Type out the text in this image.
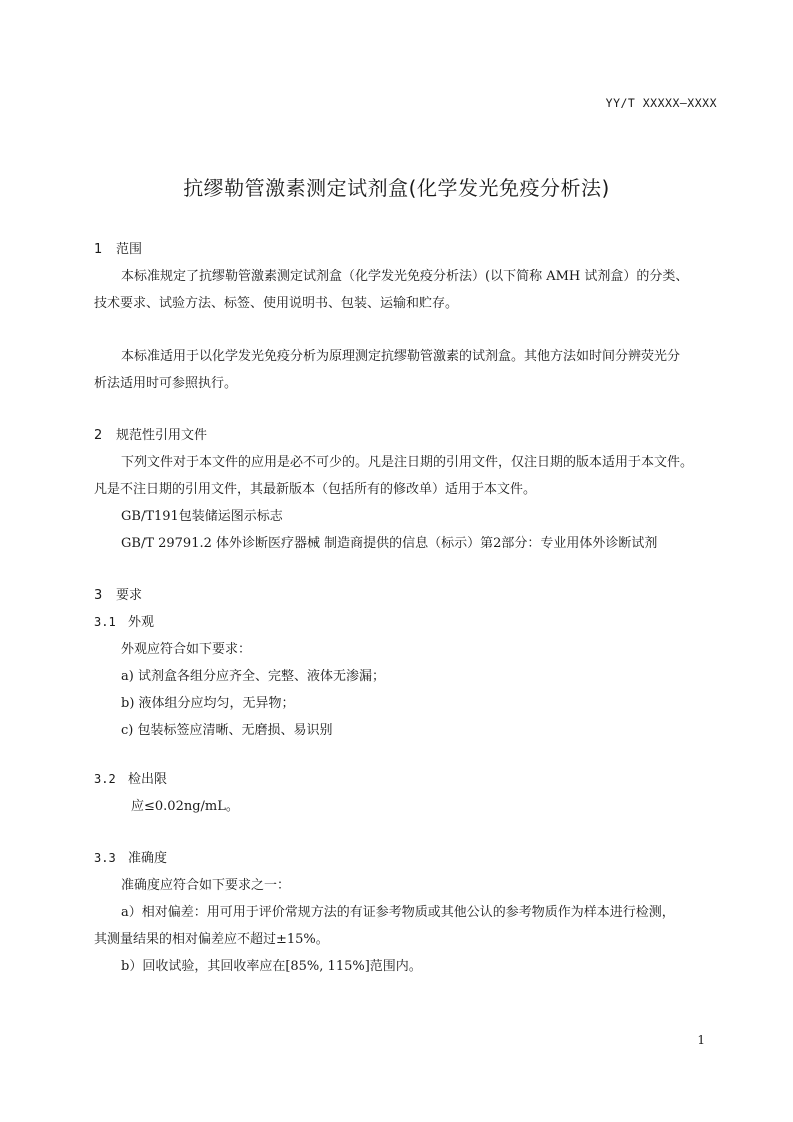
YY/T XXXXX—XXXX
抗缪勒管激素测定试剂盒(化学发光免疫分析法)
1 范围
本标准规定了抗缪勒管激素测定试剂盒（化学发光免疫分析法）(以下简称 AMH 试剂盒）的分类、
技术要求、试验方法、标签、使用说明书、包装、运输和贮存。
本标准适用于以化学发光免疫分析为原理测定抗缪勒管激素的试剂盒。其他方法如时间分辨荧光分
析法适用时可参照执行。
2 规范性引用文件
下列文件对于本文件的应用是必不可少的。凡是注日期的引用文件，仅注日期的版本适用于本文件。
凡是不注日期的引用文件，其最新版本（包括所有的修改单）适用于本文件。
GB/T191包装储运图示标志
GB/T 29791.2 体外诊断医疗器械 制造商提供的信息（标示）第2部分：专业用体外诊断试剂
3 要求
3.1 外观
外观应符合如下要求：
a) 试剂盒各组分应齐全、完整、液体无渗漏；
b) 液体组分应均匀，无异物；
c) 包装标签应清晰、无磨损、易识别
3.2 检出限
应≤0.02ng/mL。
3.3 准确度
准确度应符合如下要求之一：
a）相对偏差：用可用于评价常规方法的有证参考物质或其他公认的参考物质作为样本进行检测，
其测量结果的相对偏差应不超过±15%。
b）回收试验，其回收率应在[85%, 115%]范围内。
1
